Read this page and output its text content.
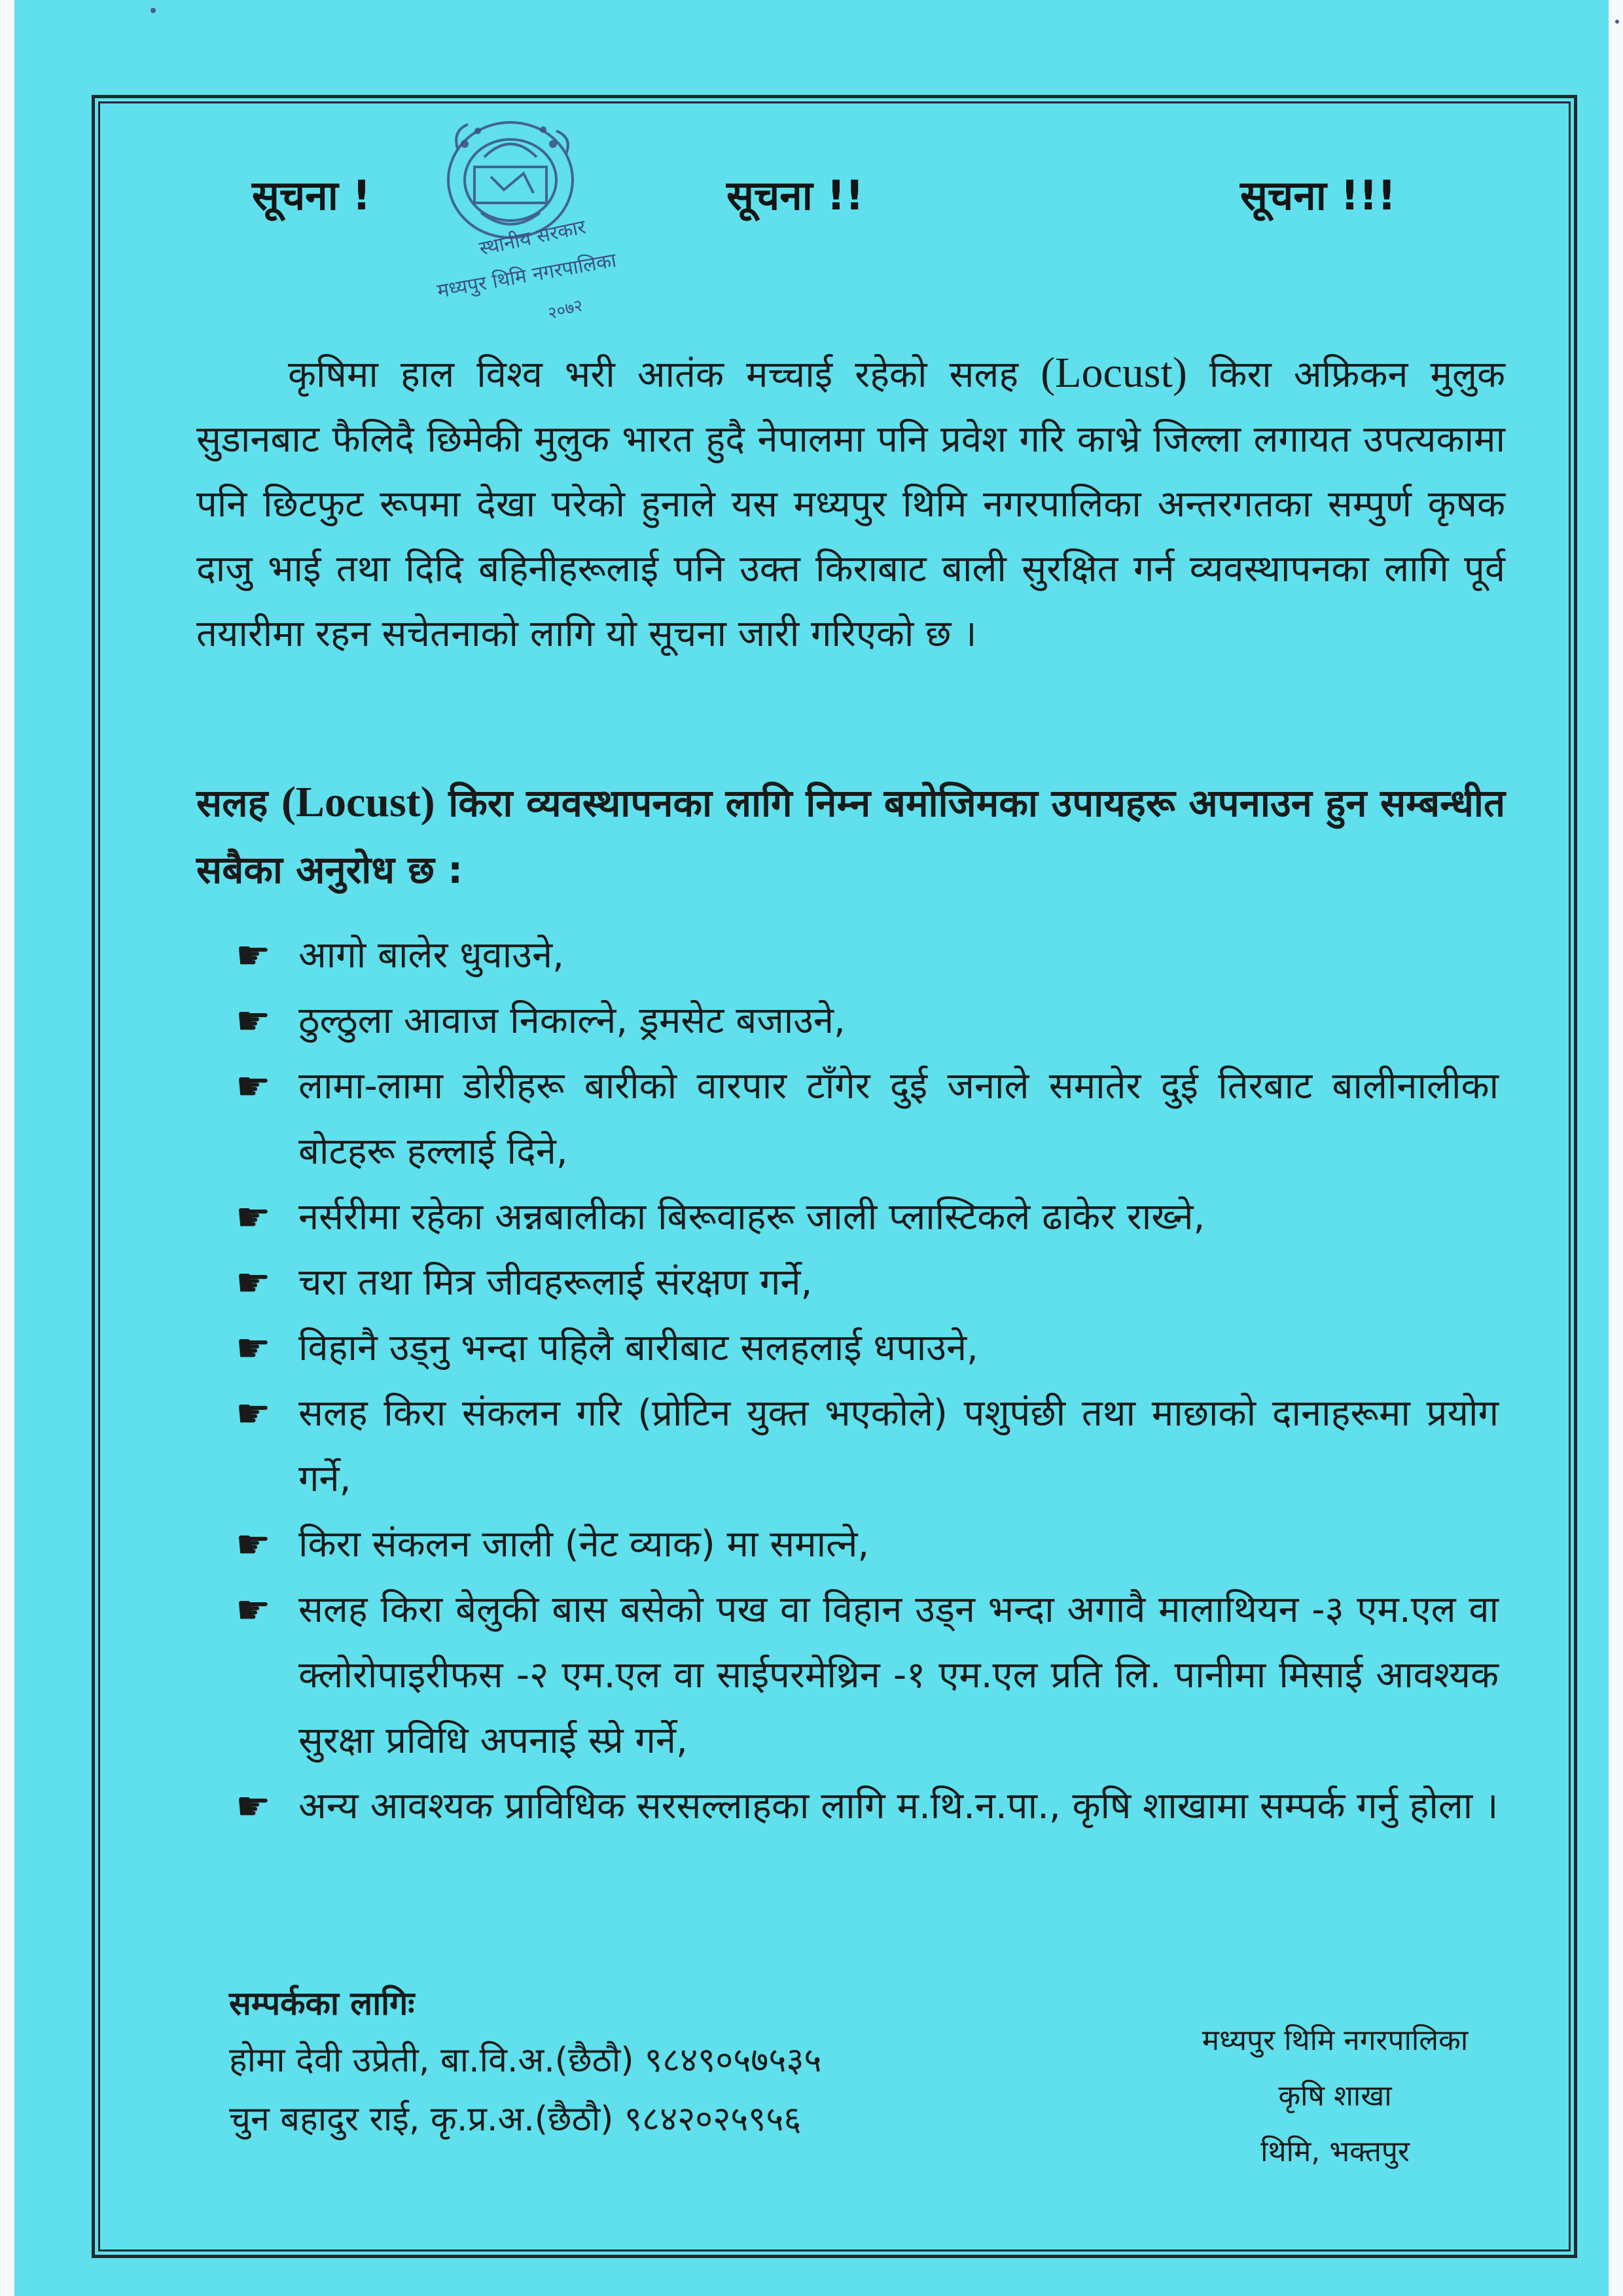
स्थानीय सरकार
मध्यपुर थिमि नगरपालिका
२०७२
सूचना !	सूचना !!	सूचना !!!
कृषिमा हाल विश्व भरी आतंक मच्चाई रहेको सलह (Locust) किरा अफ्रिकन मुलुक सुडानबाट फैलिदै छिमेकी मुलुक भारत हुदै नेपालमा पनि प्रवेश गरि काभ्रे जिल्ला लगायत उपत्यकामा पनि छिटफुट रूपमा देखा परेको हुनाले यस मध्यपुर थिमि नगरपालिका अन्तरगतका सम्पुर्ण कृषक दाजु भाई तथा दिदि बहिनीहरूलाई पनि उक्त किराबाट बाली सुरक्षित गर्न व्यवस्थापनका लागि पूर्व तयारीमा रहन सचेतनाको लागि यो सूचना जारी गरिएको छ ।
सलह (Locust) किरा व्यवस्थापनका लागि निम्न बमोजिमका उपायहरू अपनाउन हुन सम्बन्धीत सबैका अनुरोध छ :
☛ आगो बालेर धुवाउने,
☛ ठुल्ठुला आवाज निकाल्ने, ड्रमसेट बजाउने,
☛ लामा-लामा डोरीहरू बारीको वारपार टाँगेर दुई जनाले समातेर दुई तिरबाट बालीनालीका बोटहरू हल्लाई दिने,
☛ नर्सरीमा रहेका अन्नबालीका बिरूवाहरू जाली प्लास्टिकले ढाकेर राख्ने,
☛ चरा तथा मित्र जीवहरूलाई संरक्षण गर्ने,
☛ विहानै उड्नु भन्दा पहिलै बारीबाट सलहलाई धपाउने,
☛ सलह किरा संकलन गरि (प्रोटिन युक्त भएकोले) पशुपंछी तथा माछाको दानाहरूमा प्रयोग गर्ने,
☛ किरा संकलन जाली (नेट व्याक) मा समात्ने,
☛ सलह किरा बेलुकी बास बसेको पख वा विहान उड्न भन्दा अगावै मालाथियन -३ एम.एल वा क्लोरोपाइरीफस -२ एम.एल वा साईपरमेथ्रिन -१ एम.एल प्रति लि. पानीमा मिसाई आवश्यक सुरक्षा प्रविधि अपनाई स्प्रे गर्ने,
☛ अन्य आवश्यक प्राविधिक सरसल्लाहका लागि म.थि.न.पा., कृषि शाखामा सम्पर्क गर्नु होला ।
सम्पर्कका लागिः
होमा देवी उप्रेती, बा.वि.अ.(छैठौ) ९८४९०५७५३५
चुन बहादुर राई, कृ.प्र.अ.(छैठौ) ९८४२०२५९५६
मध्यपुर थिमि नगरपालिका
कृषि शाखा
थिमि, भक्तपुर
